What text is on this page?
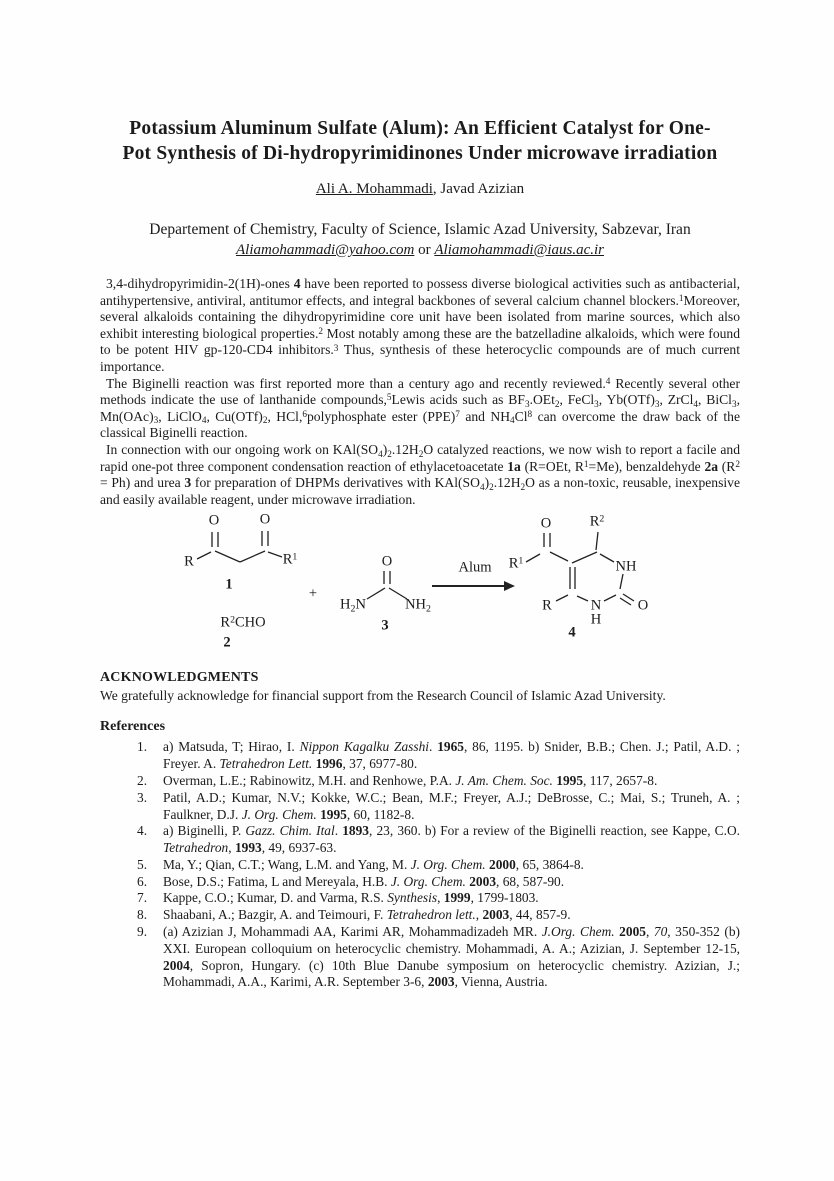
Potassium Aluminum Sulfate (Alum): An Efficient Catalyst for One-
Pot Synthesis of Di-hydropyrimidinones Under microwave irradiation
Ali A. Mohammadi, Javad Azizian
Departement of Chemistry, Faculty of Science, Islamic Azad University, Sabzevar, Iran
Aliamohammadi@yahoo.com or Aliamohammadi@iaus.ac.ir

3,4-dihydropyrimidin-2(1H)-ones 4 have been reported to possess diverse biological activities such as antibacterial, antihypertensive, antiviral, antitumor effects, and integral backbones of several calcium channel blockers.$^1$Moreover, several alkaloids containing the dihydropyrimidine core unit have been isolated from marine sources, which also exhibit interesting biological properties.$^2$ Most notably among these are the batzelladine alkaloids, which were found to be potent HIV gp-120-CD4 inhibitors.$^3$ Thus, synthesis of these heterocyclic compounds are of much current importance.

The Biginelli reaction was first reported more than a century ago and recently reviewed.$^4$ Recently several other methods indicate the use of lanthanide compounds,$^5$Lewis acids such as BF3.OEt2, FeCl3, Yb(OTf)3, ZrCl4, BiCl3, Mn(OAc)3, LiClO4, Cu(OTf)2, HCl,$^6$polyphosphate ester (PPE)$^7$ and NH4Cl$^8$ can overcome the draw back of the classical Biginelli reaction.

In connection with our ongoing work on KAl(SO4)2.12H2O catalyzed reactions, we now wish to report a facile and rapid one-pot three component condensation reaction of ethylacetoacetate 1a (R=OEt, $R^1=Me$), benzaldehyde 2a $(R^2 = Ph)$ and urea 3 for preparation of DHPMs derivatives with KAl(SO4)2.12H2O as a non-toxic, reusable, inexpensive and easily available reagent, under microwave irradiation.

O	O
R	$R^1$
1
+
$R^2CHO$
2
O
H2N	NH2
3
Alum
O	$R^2$
$R^1$	NH
R	N
H
O
4
ACKNOWLEDGMENTS

We gratefully acknowledge for financial support from the Research Council of Islamic Azad University.

References
1. a) Matsuda, T; Hirao, I. Nippon Kagalku Zasshi. 1965, 86, 1195. b) Snider, B.B.; Chen. J.; Patil, A.D. ; Freyer. A. Tetrahedron Lett. 1996, 37, 6977-80.
2. Overman, L.E.; Rabinowitz, M.H. and Renhowe, P.A. J. Am. Chem. Soc. 1995, 117, 2657-8.
3. Patil, A.D.; Kumar, N.V.; Kokke, W.C.; Bean, M.F.; Freyer, A.J.; DeBrosse, C.; Mai, S.; Truneh, A. ; Faulkner, D.J. J. Org. Chem. 1995, 60, 1182-8.
4. a) Biginelli, P. Gazz. Chim. Ital. 1893, 23, 360. b) For a review of the Biginelli reaction, see Kappe, C.O. Tetrahedron, 1993, 49, 6937-63.
5. Ma, Y.; Qian, C.T.; Wang, L.M. and Yang, M. J. Org. Chem. 2000, 65, 3864-8.
6. Bose, D.S.; Fatima, L and Mereyala, H.B. J. Org. Chem. 2003, 68, 587-90.
7. Kappe, C.O.; Kumar, D. and Varma, R.S. Synthesis, 1999, 1799-1803.
8. Shaabani, A.; Bazgir, A. and Teimouri, F. Tetrahedron lett., 2003, 44, 857-9.
9. (a) Azizian J, Mohammadi AA, Karimi AR, Mohammadizadeh MR. J.Org. Chem. 2005, 70, 350-352 (b) XXI. European colloquium on heterocyclic chemistry. Mohammadi, A. A.; Azizian, J. September 12-15, 2004, Sopron, Hungary. (c) 10th Blue Danube symposium on heterocyclic chemistry. Azizian, J.; Mohammadi, A.A., Karimi, A.R. September 3-6, 2003, Vienna, Austria.
